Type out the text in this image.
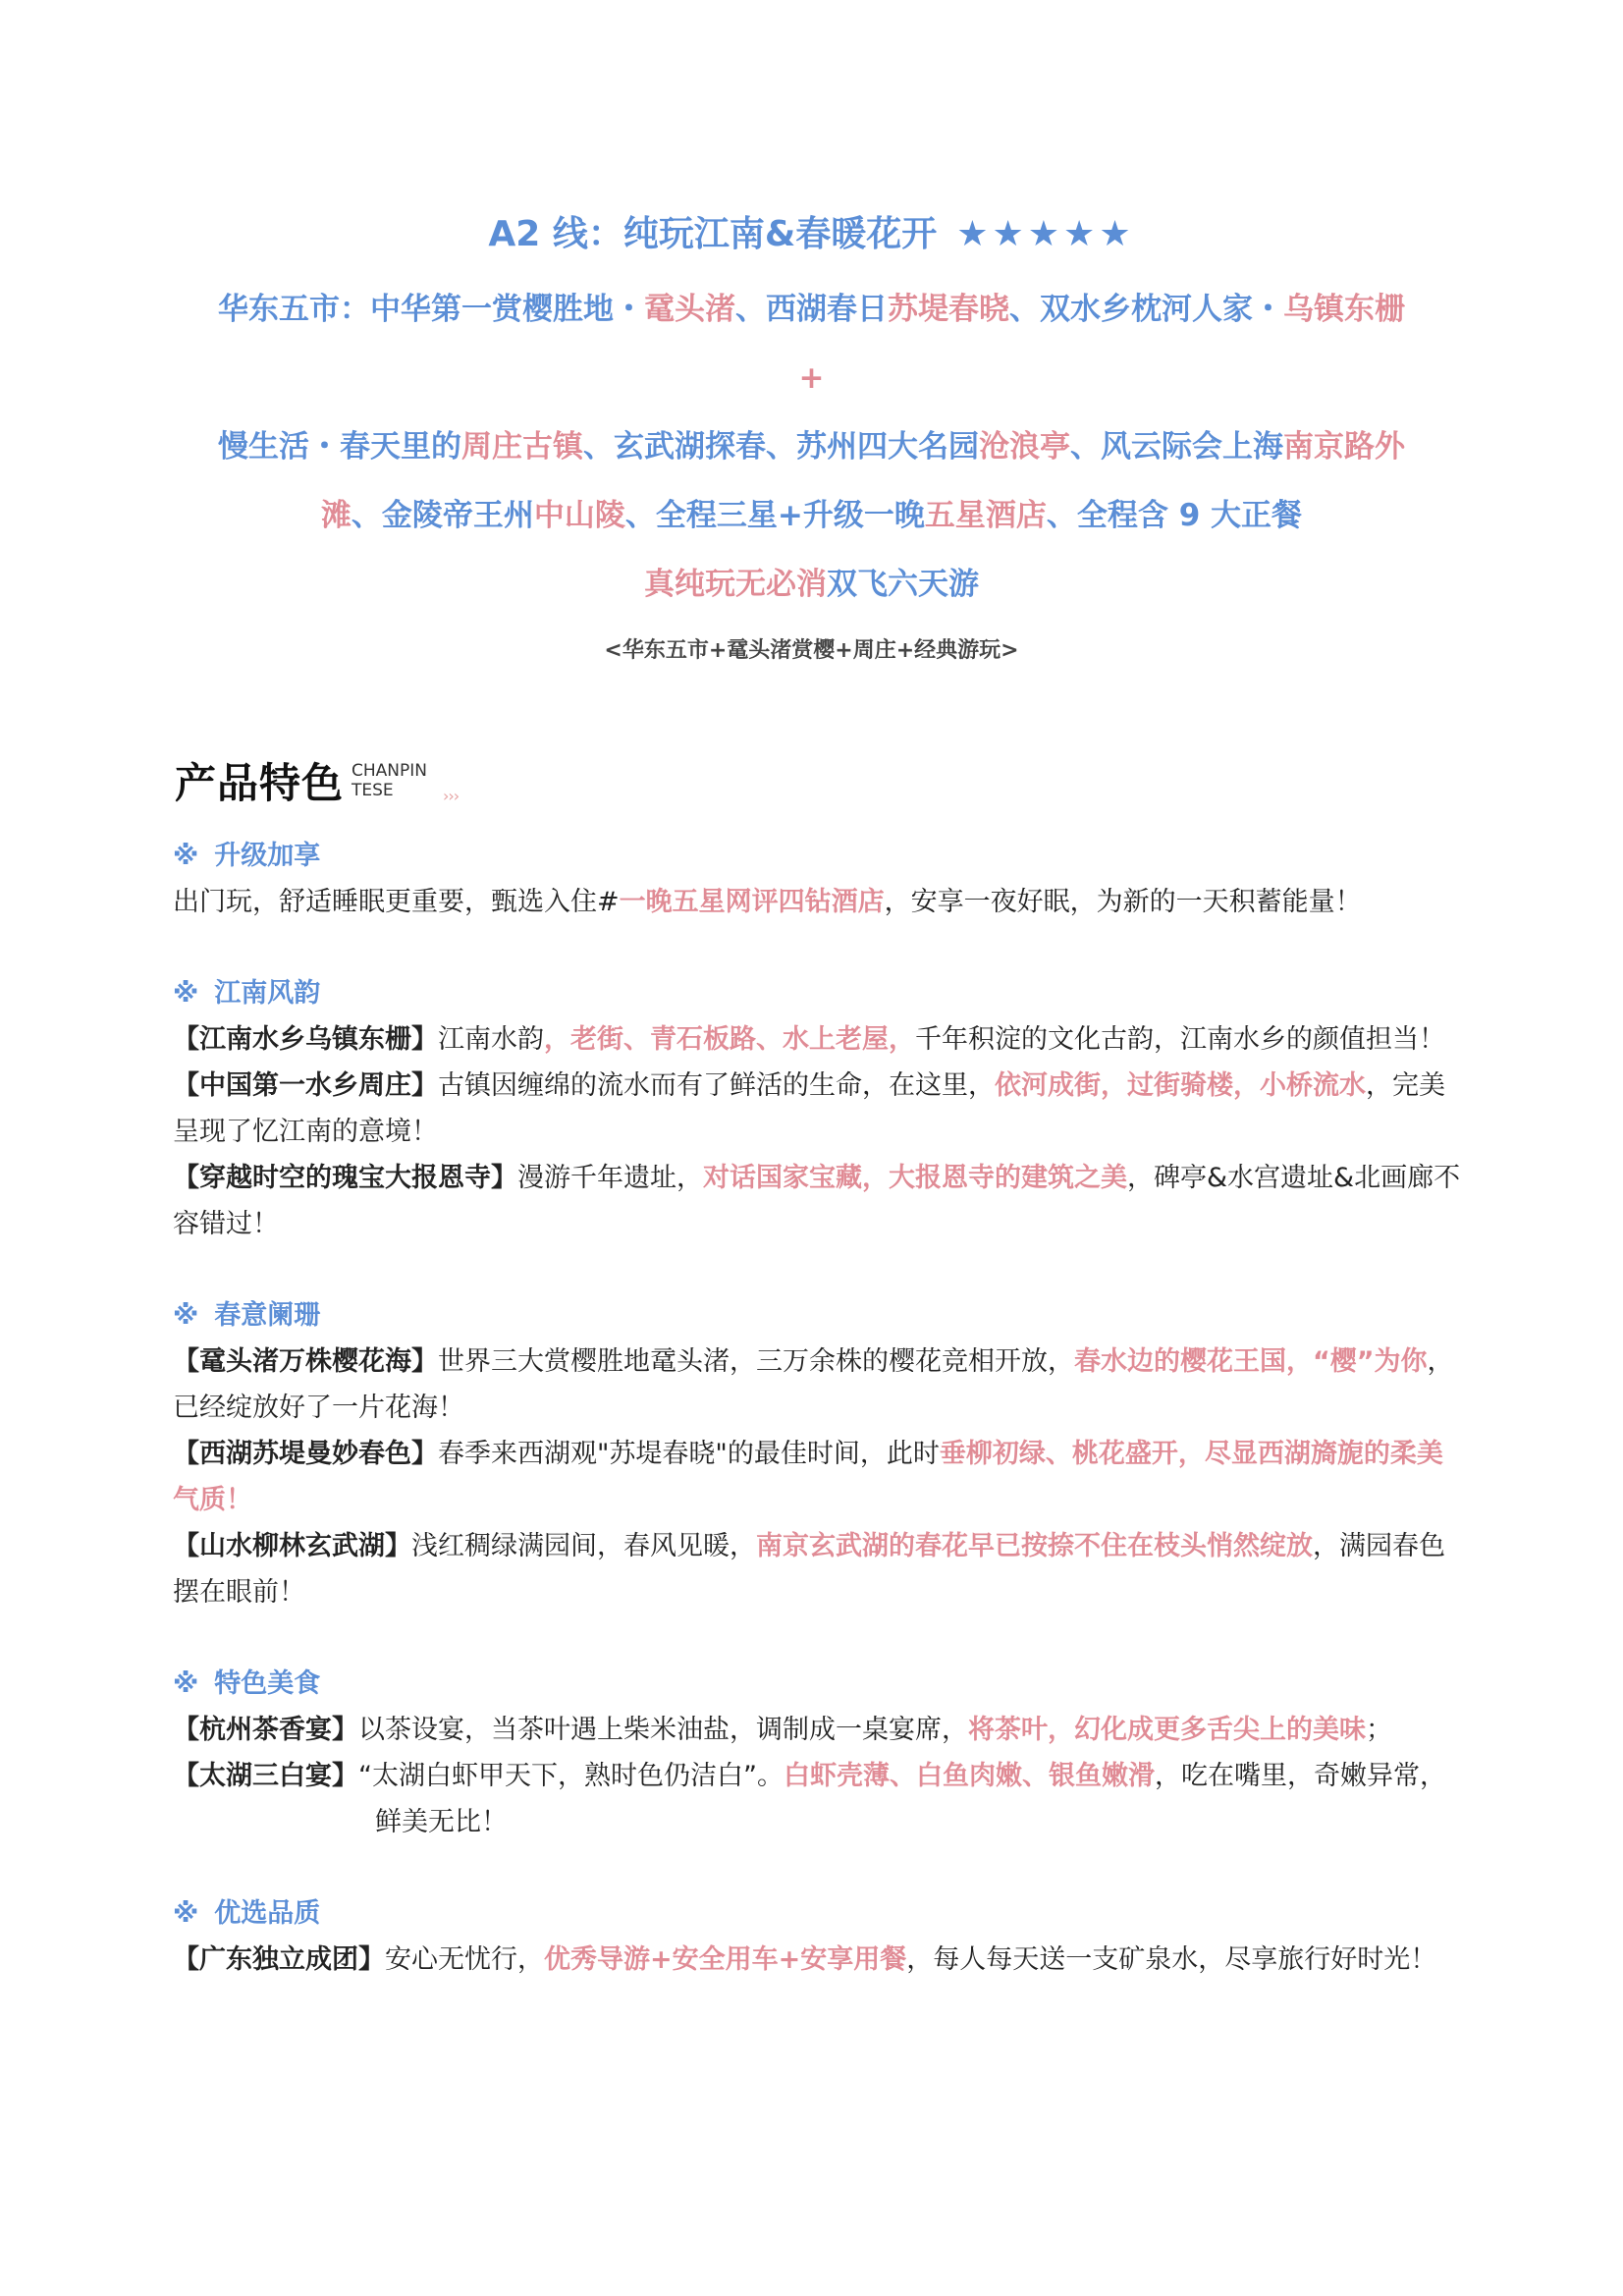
A2 线：纯玩江南&春暖花开 ★★★★★
华东五市：中华第一赏樱胜地・鼋头渚、西湖春日苏堤春晓、双水乡枕河人家・乌镇东栅
+
慢生活・春天里的周庄古镇、玄武湖探春、苏州四大名园沧浪亭、风云际会上海南京路外
滩、金陵帝王州中山陵、全程三星+升级一晚五星酒店、全程含 9 大正餐
真纯玩无必消双飞六天游
<华东五市+鼋头渚赏樱+周庄+经典游玩>
产品特色 CHANPIN
TESE	›››
※ 升级加享

出门玩，舒适睡眠更重要，甄选入住#一晚五星网评四钻酒店，安享一夜好眠，为新的一天积蓄能量！

※ 江南风韵

【江南水乡乌镇东栅】江南水韵，老街、青石板路、水上老屋，千年积淀的文化古韵，江南水乡的颜值担当！

【中国第一水乡周庄】古镇因缠绵的流水而有了鲜活的生命，在这里，依河成街，过街骑楼，小桥流水，完美呈现了忆江南的意境！

【穿越时空的瑰宝大报恩寺】漫游千年遗址，对话国家宝藏，大报恩寺的建筑之美，碑亭&水宫遗址&北画廊不容错过！

※ 春意阑珊

【鼋头渚万株樱花海】世界三大赏樱胜地鼋头渚，三万余株的樱花竞相开放，春水边的樱花王国，“樱”为你，已经绽放好了一片花海！

【西湖苏堤曼妙春色】春季来西湖观"苏堤春晓"的最佳时间，此时垂柳初绿、桃花盛开，尽显西湖旖旎的柔美气质！

【山水柳林玄武湖】浅红稠绿满园间，春风见暖，南京玄武湖的春花早已按捺不住在枝头悄然绽放，满园春色摆在眼前！

※ 特色美食

【杭州茶香宴】以茶设宴，当茶叶遇上柴米油盐，调制成一桌宴席，将茶叶，幻化成更多舌尖上的美味；

【太湖三白宴】“太湖白虾甲天下，熟时色仍洁白”。白虾壳薄、白鱼肉嫩、银鱼嫩滑，吃在嘴里，奇嫩异常，鲜美无比！

※ 优选品质

【广东独立成团】安心无忧行，优秀导游+安全用车+安享用餐，每人每天送一支矿泉水，尽享旅行好时光！
